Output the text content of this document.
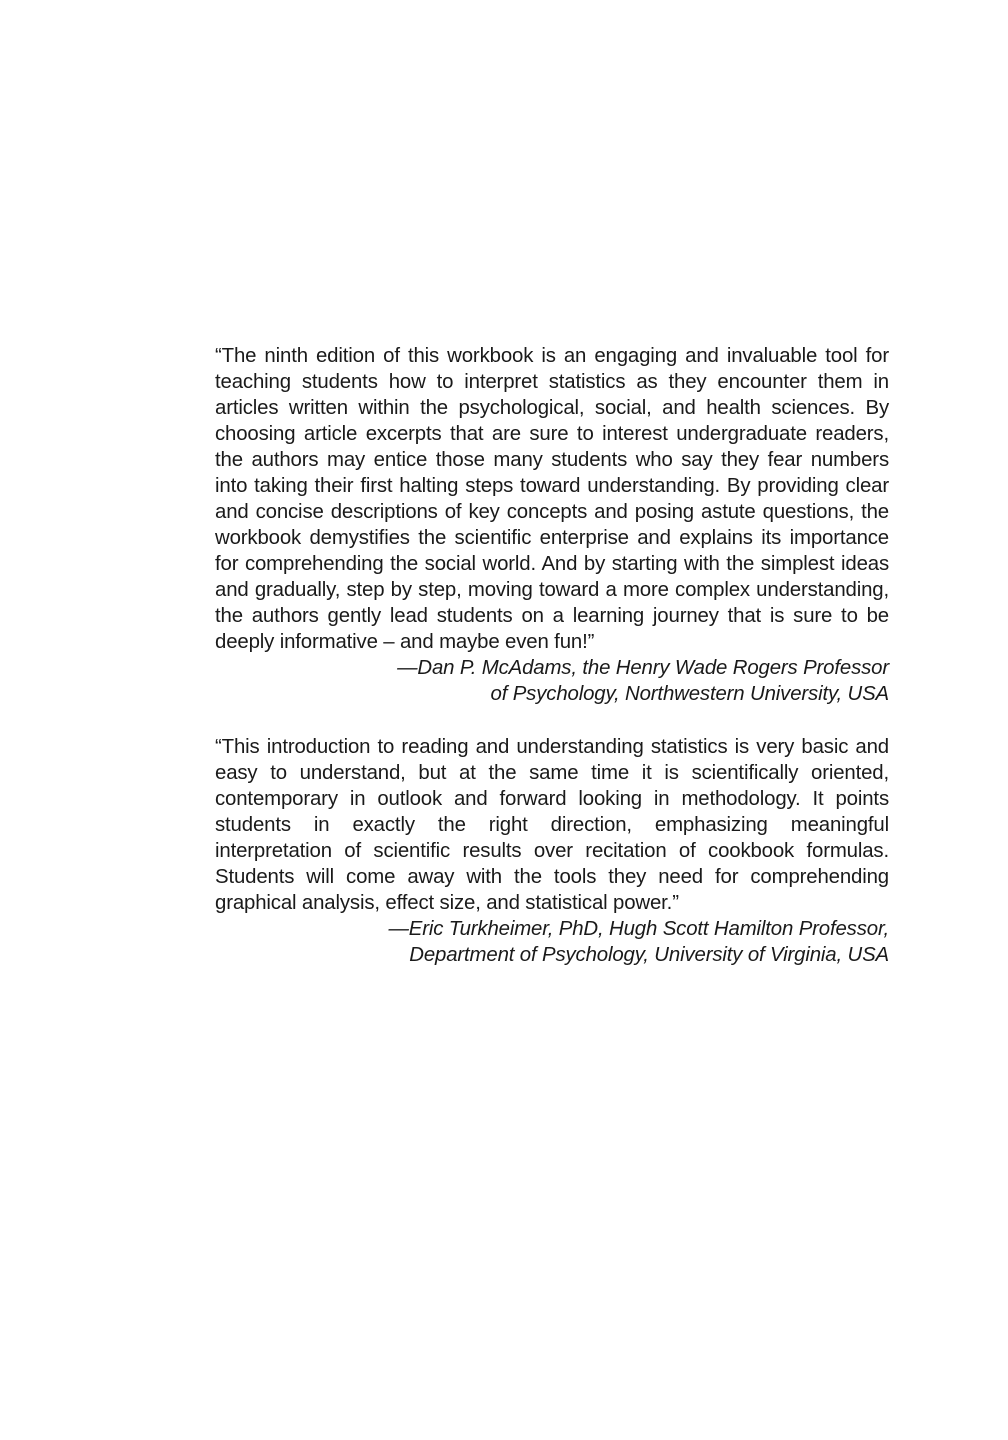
“The ninth edition of this workbook is an engaging and invaluable tool for teaching students how to interpret statistics as they encounter them in articles written within the psychological, social, and health sciences. By choosing article excerpts that are sure to interest undergraduate readers, the authors may entice those many students who say they fear numbers into taking their first halting steps toward understanding. By providing clear and concise descriptions of key concepts and posing astute questions, the workbook demystifies the scientific enterprise and explains its importance for comprehending the social world. And by starting with the simplest ideas and gradually, step by step, moving toward a more complex understanding, the authors gently lead students on a learning journey that is sure to be deeply informative – and maybe even fun!”

—Dan P. McAdams, the Henry Wade Rogers Professor
of Psychology, Northwestern University, USA

“This introduction to reading and understanding statistics is very basic and easy to understand, but at the same time it is scientifically oriented, contemporary in outlook and forward looking in methodology. It points students in exactly the right direction, emphasizing meaningful interpretation of scientific results over recitation of cookbook formulas. Students will come away with the tools they need for comprehending graphical analysis, effect size, and statistical power.”

—Eric Turkheimer, PhD, Hugh Scott Hamilton Professor,
Department of Psychology, University of Virginia, USA
